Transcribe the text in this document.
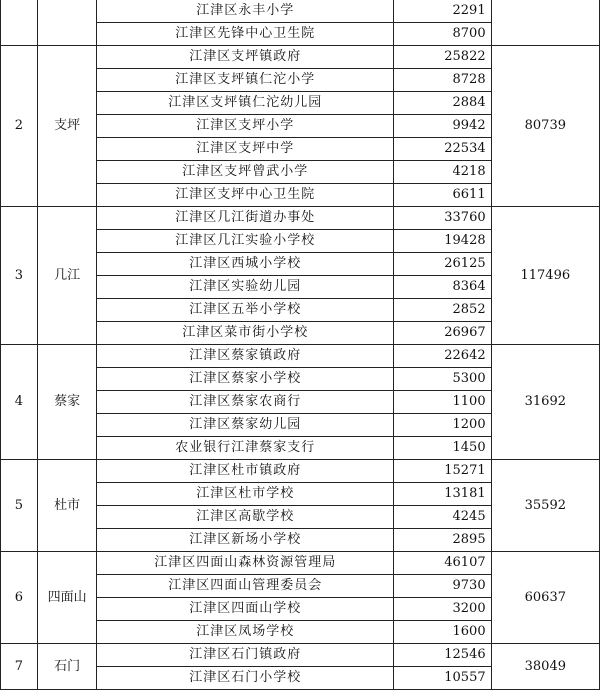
		江津区永丰小学	2291	
		江津区先锋中心卫生院	8700	
2	支坪	江津区支坪镇政府	25822	80739
		江津区支坪镇仁沱小学	8728	
		江津区支坪镇仁沱幼儿园	2884	
		江津区支坪小学	9942	
		江津区支坪中学	22534	
		江津区支坪曾武小学	4218	
		江津区支坪中心卫生院	6611	
3	几江	江津区几江街道办事处	33760	117496
		江津区几江实验小学校	19428	
		江津区西城小学校	26125	
		江津区实验幼儿园	8364	
		江津区五举小学校	2852	
		江津区菜市街小学校	26967	
4	蔡家	江津区蔡家镇政府	22642	31692
		江津区蔡家小学校	5300	
		江津区蔡家农商行	1100	
		江津区蔡家幼儿园	1200	
		农业银行江津蔡家支行	1450	
5	杜市	江津区杜市镇政府	15271	35592
		江津区杜市学校	13181	
		江津区高歇学校	4245	
		江津区新场小学校	2895	
6	四面山	江津区四面山森林资源管理局	46107	60637
		江津区四面山管理委员会	9730	
		江津区四面山学校	3200	
		江津区凤场学校	1600	
7	石门	江津区石门镇政府	12546	38049
		江津区石门小学校	10557	
